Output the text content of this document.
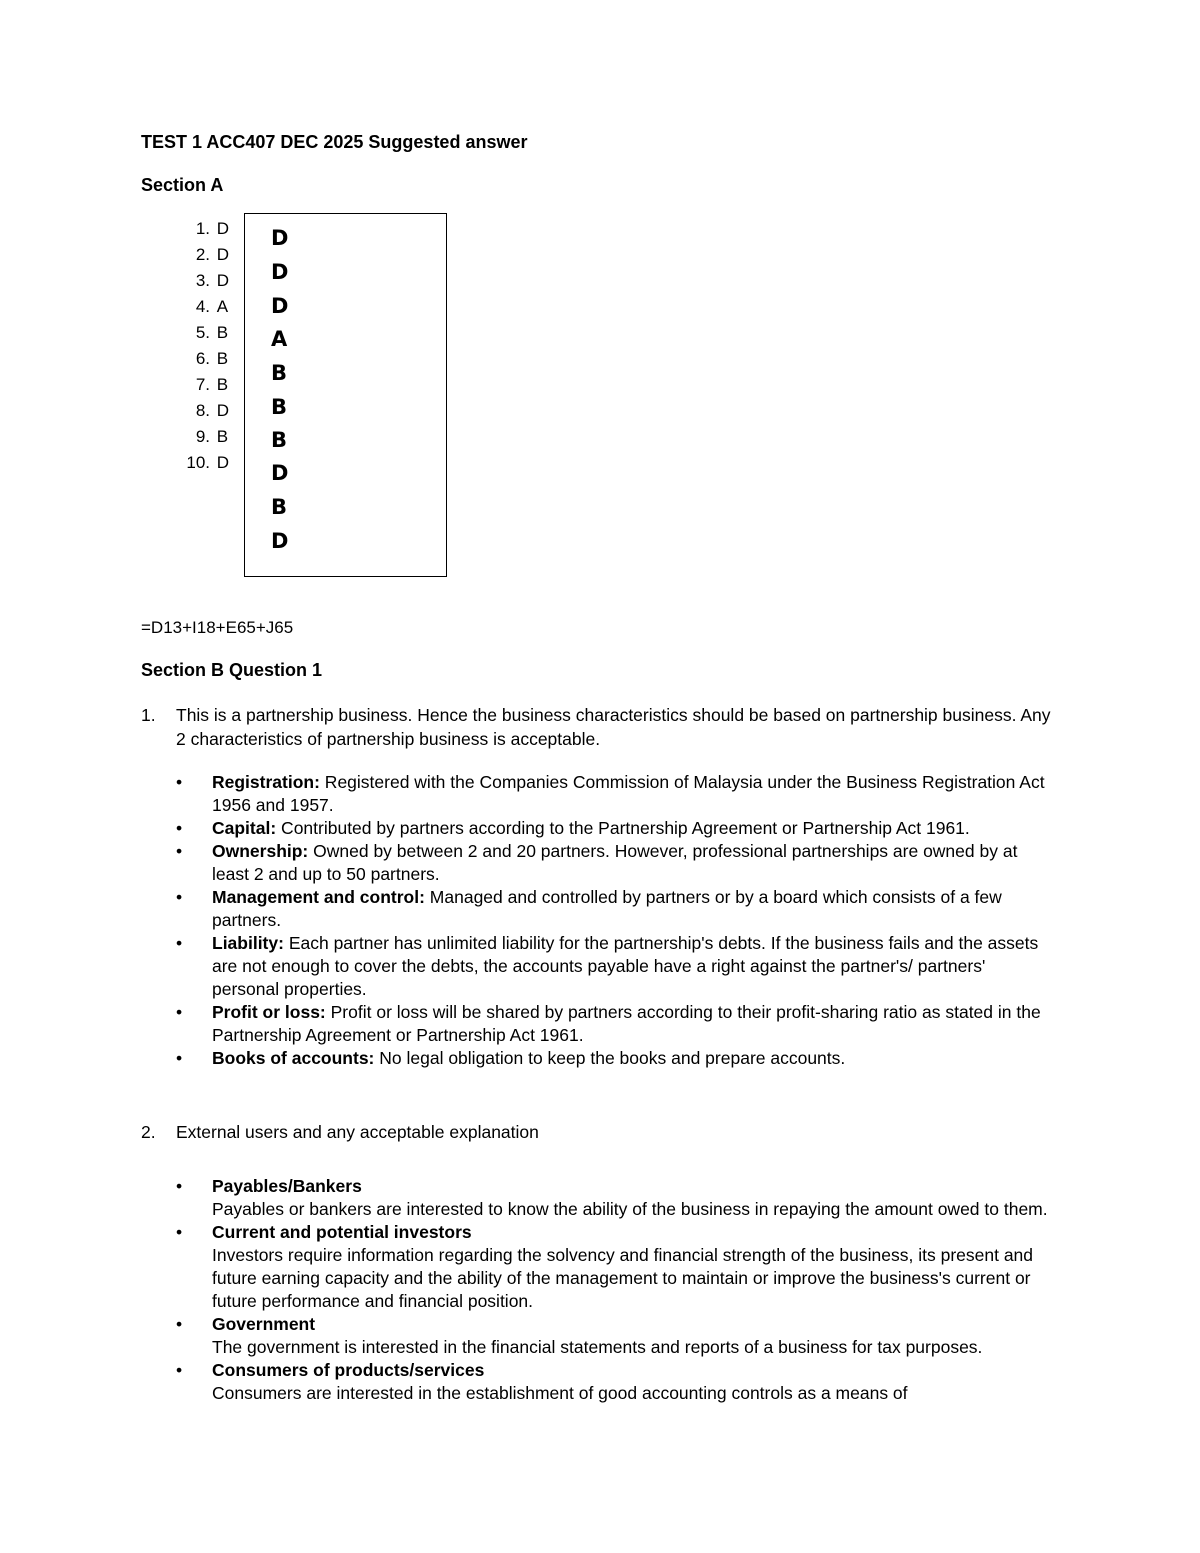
TEST 1 ACC407 DEC 2025 Suggested answer
Section A
1. D
2. D
3. D
4. A
5. B
6. B
7. B
8. D
9. B
10. D
D
D
D
A
B
B
B
D
B
D
=D13+I18+E65+J65
Section B Question 1
1. This is a partnership business. Hence the business characteristics should be based on partnership business. Any 2 characteristics of partnership business is acceptable.
• Registration: Registered with the Companies Commission of Malaysia under the Business Registration Act 1956 and 1957.
• Capital: Contributed by partners according to the Partnership Agreement or Partnership Act 1961.
• Ownership: Owned by between 2 and 20 partners. However, professional partnerships are owned by at least 2 and up to 50 partners.
• Management and control: Managed and controlled by partners or by a board which consists of a few partners.
• Liability: Each partner has unlimited liability for the partnership's debts. If the business fails and the assets are not enough to cover the debts, the accounts payable have a right against the partner's/ partners' personal properties.
• Profit or loss: Profit or loss will be shared by partners according to their profit-sharing ratio as stated in the Partnership Agreement or Partnership Act 1961.
• Books of accounts: No legal obligation to keep the books and prepare accounts.
2. External users and any acceptable explanation
• Payables/Bankers
Payables or bankers are interested to know the ability of the business in repaying the amount owed to them.
• Current and potential investors
Investors require information regarding the solvency and financial strength of the business, its present and future earning capacity and the ability of the management to maintain or improve the business's current or future performance and financial position.
• Government
The government is interested in the financial statements and reports of a business for tax purposes.
• Consumers of products/services
Consumers are interested in the establishment of good accounting controls as a means of
